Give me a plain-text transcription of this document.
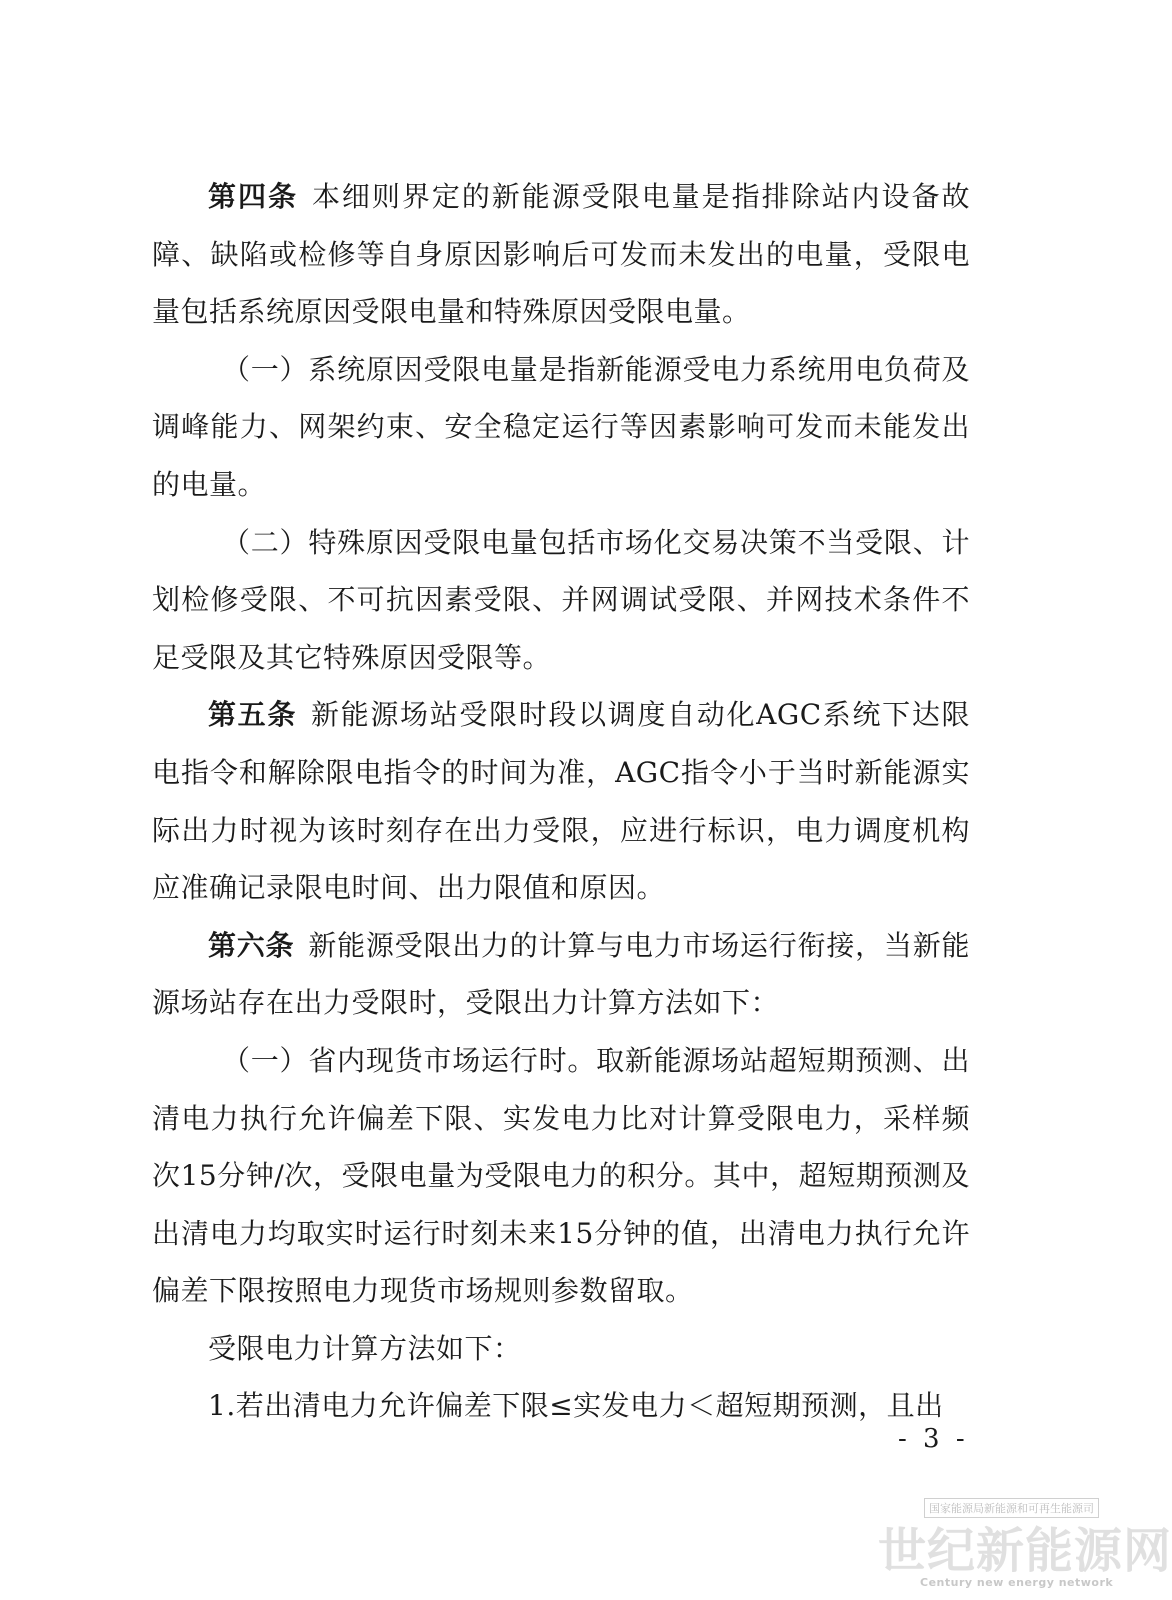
第四条 本细则界定的新能源受限电量是指排除站内设备故障、缺陷或检修等自身原因影响后可发而未发出的电量，受限电量包括系统原因受限电量和特殊原因受限电量。

（一）系统原因受限电量是指新能源受电力系统用电负荷及调峰能力、网架约束、安全稳定运行等因素影响可发而未能发出的电量。

（二）特殊原因受限电量包括市场化交易决策不当受限、计划检修受限、不可抗因素受限、并网调试受限、并网技术条件不足受限及其它特殊原因受限等。

第五条 新能源场站受限时段以调度自动化AGC系统下达限电指令和解除限电指令的时间为准，AGC指令小于当时新能源实际出力时视为该时刻存在出力受限，应进行标识，电力调度机构应准确记录限电时间、出力限值和原因。

第六条 新能源受限出力的计算与电力市场运行衔接，当新能源场站存在出力受限时，受限出力计算方法如下：

（一）省内现货市场运行时。取新能源场站超短期预测、出清电力执行允许偏差下限、实发电力比对计算受限电力，采样频次15分钟/次，受限电量为受限电力的积分。其中，超短期预测及出清电力均取实时运行时刻未来15分钟的值，出清电力执行允许偏差下限按照电力现货市场规则参数留取。

受限电力计算方法如下：

1.若出清电力允许偏差下限≤实发电力＜超短期预测，且出

- 3 -
国家能源局新能源和可再生能源司
世纪新能源网
Century new energy network
